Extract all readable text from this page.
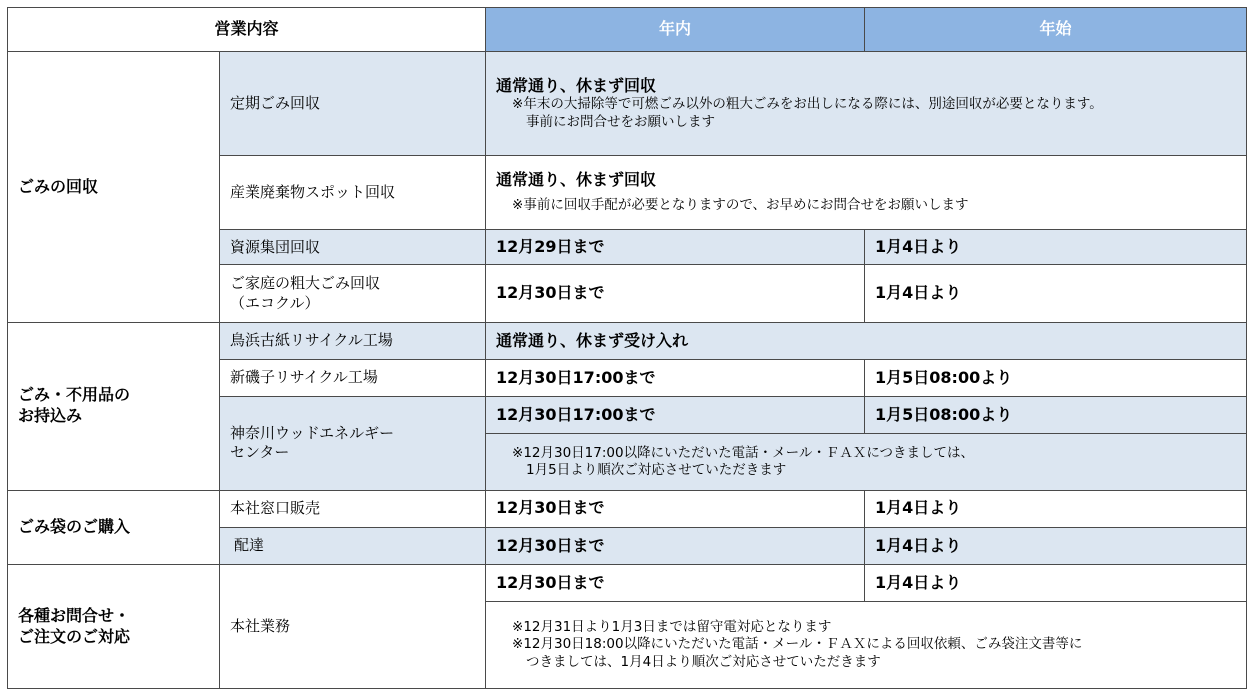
営業内容		年内	年始
ごみの回収	定期ごみ回収	通常通り、休まず回収
※年末の大掃除等で可燃ごみ以外の粗大ごみをお出しになる際には、別途回収が必要となります。
事前にお問合せをお願いします	

	産業廃棄物スポット回収	通常通り、休まず回収
※事前に回収手配が必要となりますので、お早めにお問合せをお願いします	

	資源集団回収	12月29日まで	1月4日より

	ご家庭の粗大ごみ回収
（エコクル）	12月30日まで	1月4日より

ごみ・不用品の
お持込み	鳥浜古紙リサイクル工場	通常通り、休まず受け入れ	
	新磯子リサイクル工場	12月30日17:00まで	1月5日08:00より

	神奈川ウッドエネルギー
センター	12月30日17:00まで	1月5日08:00より

		※12月30日17:00以降にいただいた電話・メール・ＦＡＸにつきましては、
1月5日より順次ご対応させていただきます	

ごみ袋のご購入	本社窓口販売	12月30日まで	1月4日より
	配達	12月30日まで	1月4日より

各種お問合せ・
ご注文のご対応	本社業務	12月30日まで	1月4日より

		※12月31日より1月3日までは留守電対応となります
※12月30日18:00以降にいただいた電話・メール・ＦＡＸによる回収依頼、ごみ袋注文書等に
つきましては、1月4日より順次ご対応させていただきます	
